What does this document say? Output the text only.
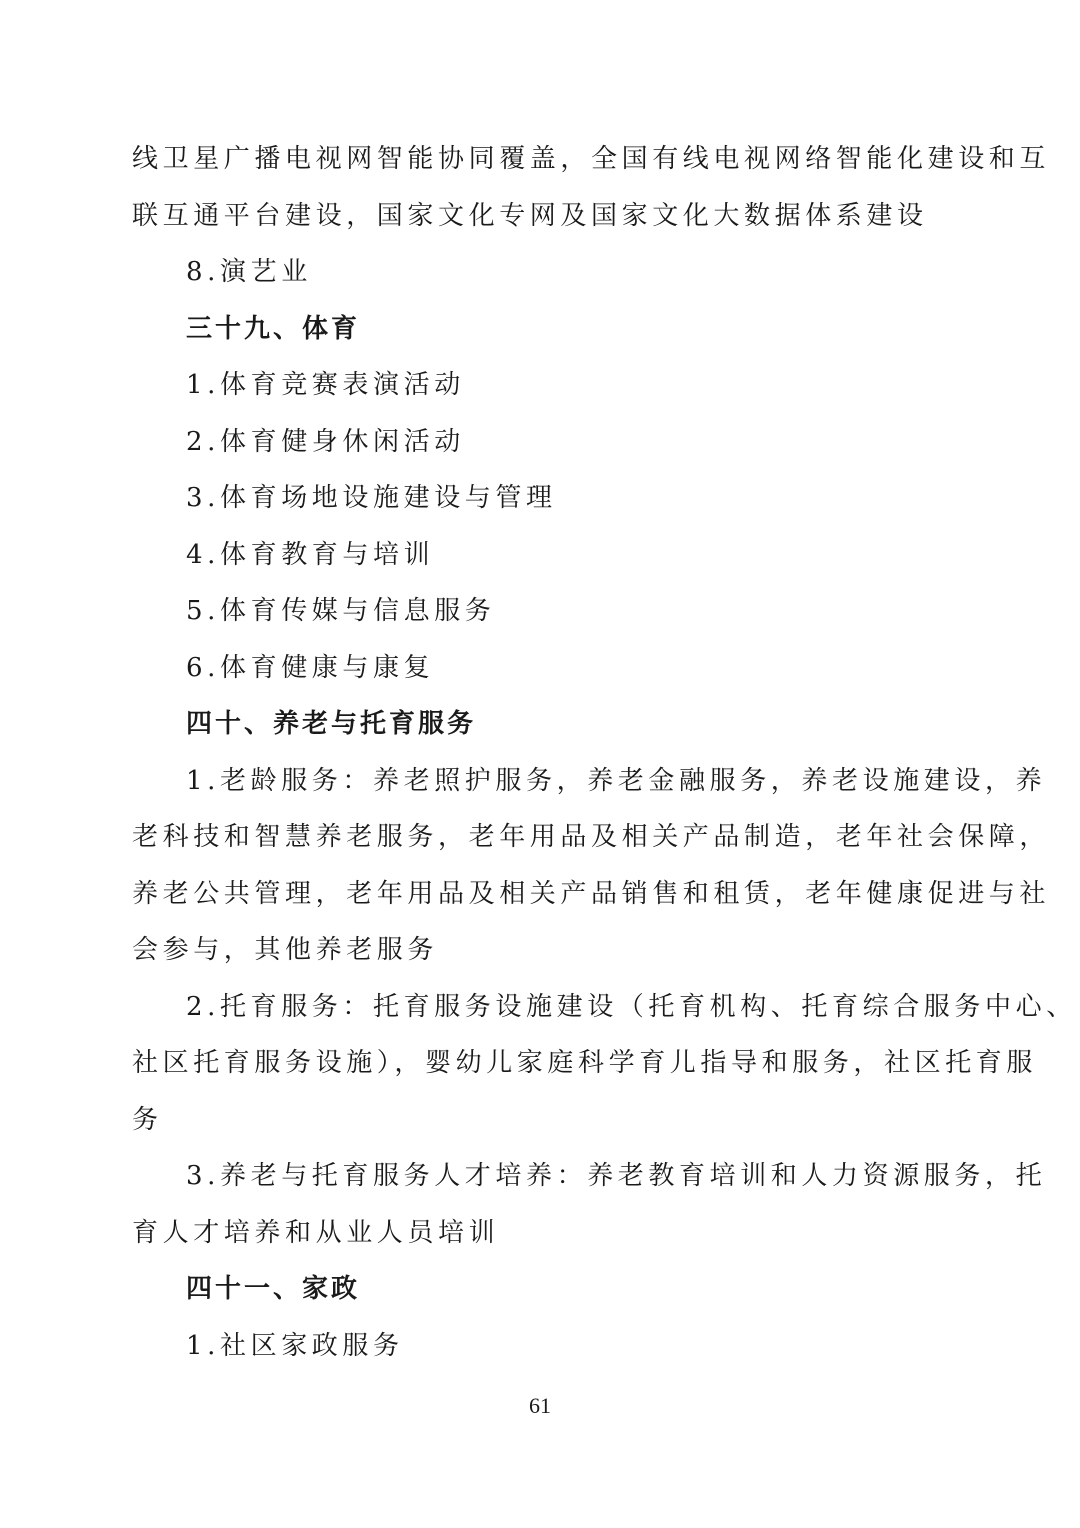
线卫星广播电视网智能协同覆盖，全国有线电视网络智能化建设和互
联互通平台建设，国家文化专网及国家文化大数据体系建设
8.演艺业
三十九、体育
1.体育竞赛表演活动
2.体育健身休闲活动
3.体育场地设施建设与管理
4.体育教育与培训
5.体育传媒与信息服务
6.体育健康与康复
四十、养老与托育服务
1.老龄服务：养老照护服务，养老金融服务，养老设施建设，养
老科技和智慧养老服务，老年用品及相关产品制造，老年社会保障，
养老公共管理，老年用品及相关产品销售和租赁，老年健康促进与社
会参与，其他养老服务
2.托育服务：托育服务设施建设（托育机构、托育综合服务中心、
社区托育服务设施），婴幼儿家庭科学育儿指导和服务，社区托育服
务
3.养老与托育服务人才培养：养老教育培训和人力资源服务，托
育人才培养和从业人员培训
四十一、家政
1.社区家政服务
61
